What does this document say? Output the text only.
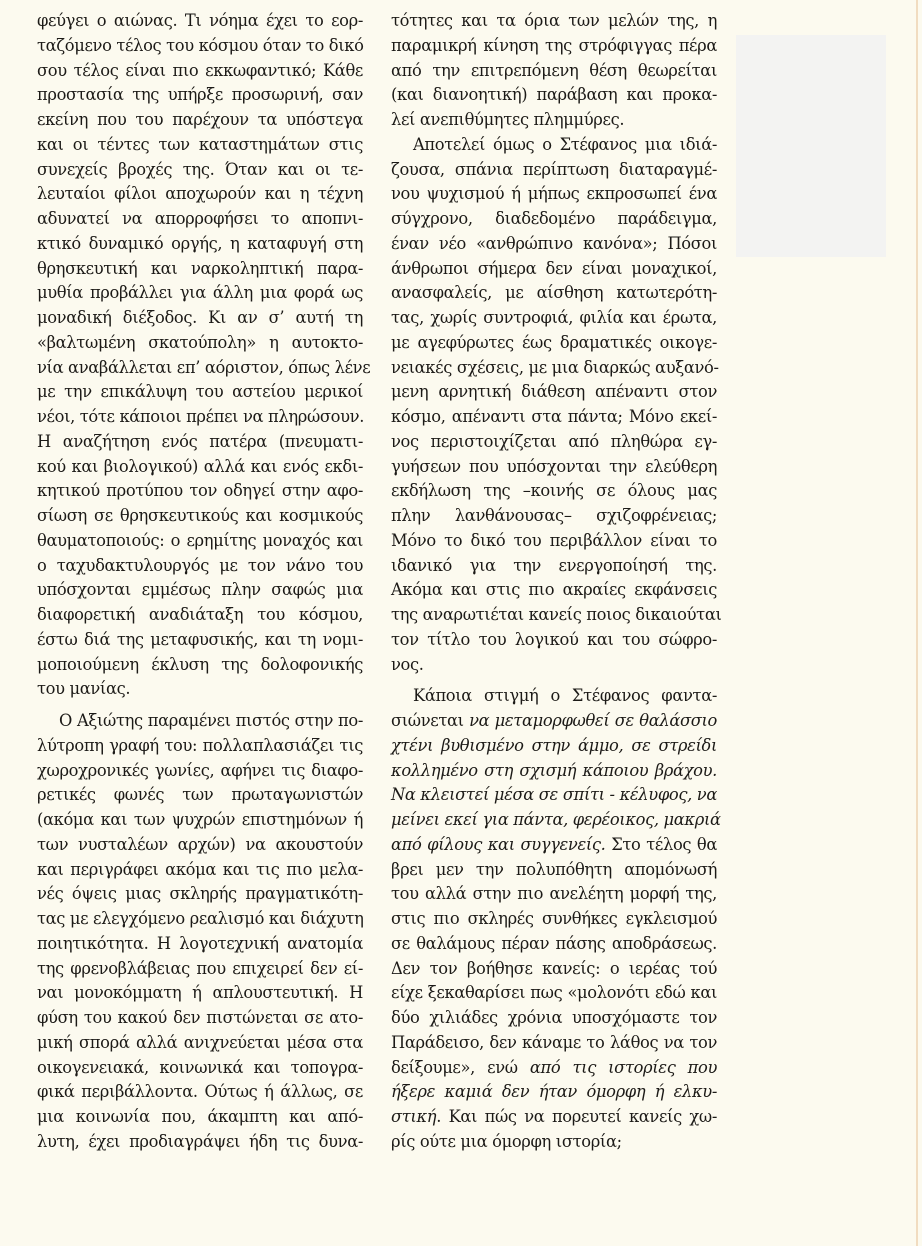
φεύγει ο αιώνας. Τι νόημα έχει το εορ-
ταζόμενο τέλος του κόσμου όταν το δικό
σου τέλος είναι πιο εκκωφαντικό; Κάθε
προστασία της υπήρξε προσωρινή, σαν
εκείνη που του παρέχουν τα υπόστεγα
και οι τέντες των καταστημάτων στις
συνεχείς βροχές της. Όταν και οι τε-
λευταίοι φίλοι αποχωρούν και η τέχνη
αδυνατεί να απορροφήσει το αποπνι-
κτικό δυναμικό οργής, η καταφυγή στη
θρησκευτική και ναρκοληπτική παρα-
μυθία προβάλλει για άλλη μια φορά ως
μοναδική διέξοδος. Κι αν σ’ αυτή τη
«βαλτωμένη σκατούπολη» η αυτοκτο-
νία αναβάλλεται επ’ αόριστον, όπως λένε
με την επικάλυψη του αστείου μερικοί
νέοι, τότε κάποιοι πρέπει να πληρώσουν.
Η αναζήτηση ενός πατέρα (πνευματι-
κού και βιολογικού) αλλά και ενός εκδι-
κητικού προτύπου τον οδηγεί στην αφο-
σίωση σε θρησκευτικούς και κοσμικούς
θαυματοποιούς: ο ερημίτης μοναχός και
ο ταχυδακτυλουργός με τον νάνο του
υπόσχονται εμμέσως πλην σαφώς μια
διαφορετική αναδιάταξη του κόσμου,
έστω διά της μεταφυσικής, και τη νομι-
μοποιούμενη έκλυση της δολοφονικής
του μανίας.
Ο Αξιώτης παραμένει πιστός στην πο-
λύτροπη γραφή του: πολλαπλασιάζει τις
χωροχρονικές γωνίες, αφήνει τις διαφο-
ρετικές φωνές των πρωταγωνιστών
(ακόμα και των ψυχρών επιστημόνων ή
των νυσταλέων αρχών) να ακουστούν
και περιγράφει ακόμα και τις πιο μελα-
νές όψεις μιας σκληρής πραγματικότη-
τας με ελεγχόμενο ρεαλισμό και διάχυτη
ποιητικότητα. Η λογοτεχνική ανατομία
της φρενοβλάβειας που επιχειρεί δεν εί-
ναι μονοκόμματη ή απλουστευτική. Η
φύση του κακού δεν πιστώνεται σε ατο-
μική σπορά αλλά ανιχνεύεται μέσα στα
οικογενειακά, κοινωνικά και τοπογρα-
φικά περιβάλλοντα. Ούτως ή άλλως, σε
μια κοινωνία που, άκαμπτη και από-
λυτη, έχει προδιαγράψει ήδη τις δυνα-
τότητες και τα όρια των μελών της, η
παραμικρή κίνηση της στρόφιγγας πέρα
από την επιτρεπόμενη θέση θεωρείται
(και διανοητική) παράβαση και προκα-
λεί ανεπιθύμητες πλημμύρες.
Αποτελεί όμως ο Στέφανος μια ιδιά-
ζουσα, σπάνια περίπτωση διαταραγμέ-
νου ψυχισμού ή μήπως εκπροσωπεί ένα
σύγχρονο, διαδεδομένο παράδειγμα,
έναν νέο «ανθρώπινο κανόνα»; Πόσοι
άνθρωποι σήμερα δεν είναι μοναχικοί,
ανασφαλείς, με αίσθηση κατωτερότη-
τας, χωρίς συντροφιά, φιλία και έρωτα,
με αγεφύρωτες έως δραματικές οικογε-
νειακές σχέσεις, με μια διαρκώς αυξανό-
μενη αρνητική διάθεση απέναντι στον
κόσμο, απέναντι στα πάντα; Μόνο εκεί-
νος περιστοιχίζεται από πληθώρα εγ-
γυήσεων που υπόσχονται την ελεύθερη
εκδήλωση της –κοινής σε όλους μας
πλην λανθάνουσας– σχιζοφρένειας;
Μόνο το δικό του περιβάλλον είναι το
ιδανικό για την ενεργοποίησή της.
Ακόμα και στις πιο ακραίες εκφάνσεις
της αναρωτιέται κανείς ποιος δικαιούται
τον τίτλο του λογικού και του σώφρο-
νος.
Κάποια στιγμή ο Στέφανος φαντα-
σιώνεται να μεταμορφωθεί σε θαλάσσιο
χτένι βυθισμένο στην άμμο, σε στρείδι
κολλημένο στη σχισμή κάποιου βράχου.
Να κλειστεί μέσα σε σπίτι - κέλυφος, να
μείνει εκεί για πάντα, φερέοικος, μακριά
από φίλους και συγγενείς. Στο τέλος θα
βρει μεν την πολυπόθητη απομόνωσή
του αλλά στην πιο ανελέητη μορφή της,
στις πιο σκληρές συνθήκες εγκλεισμού
σε θαλάμους πέραν πάσης αποδράσεως.
Δεν τον βοήθησε κανείς: ο ιερέας τού
είχε ξεκαθαρίσει πως «μολονότι εδώ και
δύο χιλιάδες χρόνια υποσχόμαστε τον
Παράδεισο, δεν κάναμε το λάθος να τον
δείξουμε», ενώ από τις ιστορίες που
ήξερε καμιά δεν ήταν όμορφη ή ελκυ-
στική. Και πώς να πορευτεί κανείς χω-
ρίς ούτε μια όμορφη ιστορία;
